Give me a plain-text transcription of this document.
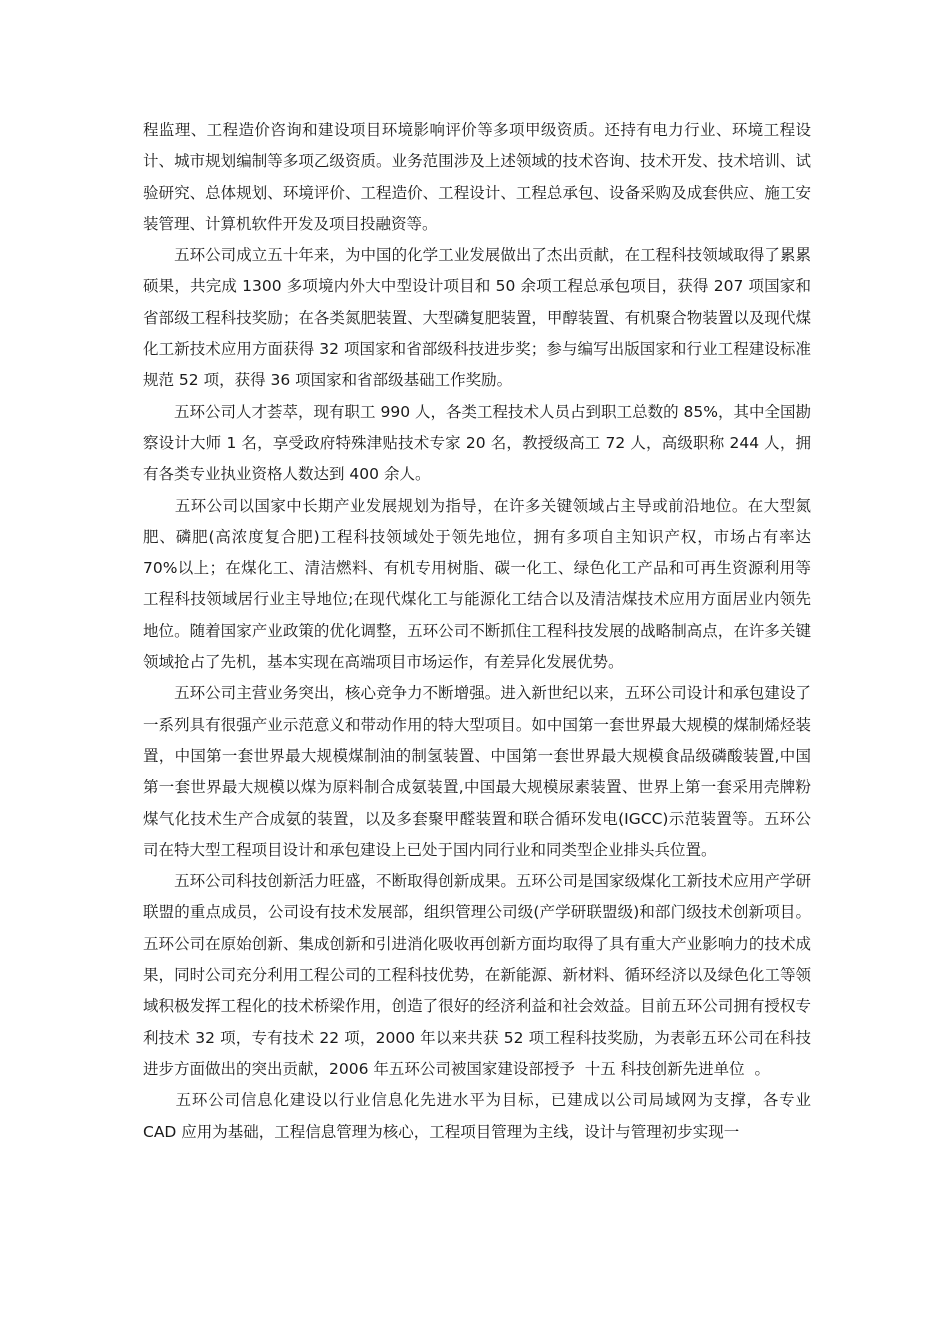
程监理、工程造价咨询和建设项目环境影响评价等多项甲级资质。还持有电力行业、环境工程设计、城市规划编制等多项乙级资质。业务范围涉及上述领域的技术咨询、技术开发、技术培训、试验研究、总体规划、环境评价、工程造价、工程设计、工程总承包、设备采购及成套供应、施工安装管理、计算机软件开发及项目投融资等。

　　五环公司成立五十年来，为中国的化学工业发展做出了杰出贡献，在工程科技领域取得了累累硕果，共完成 1300 多项境内外大中型设计项目和 50 余项工程总承包项目，获得 207 项国家和省部级工程科技奖励；在各类氮肥装置、大型磷复肥装置，甲醇装置、有机聚合物装置以及现代煤化工新技术应用方面获得 32 项国家和省部级科技进步奖；参与编写出版国家和行业工程建设标准规范 52 项，获得 36 项国家和省部级基础工作奖励。

　　五环公司人才荟萃，现有职工 990 人，各类工程技术人员占到职工总数的 85%，其中全国勘察设计大师 1 名，享受政府特殊津贴技术专家 20 名，教授级高工 72 人，高级职称 244 人，拥有各类专业执业资格人数达到 400 余人。

　　五环公司以国家中长期产业发展规划为指导，在许多关键领域占主导或前沿地位。在大型氮肥、磷肥(高浓度复合肥)工程科技领域处于领先地位，拥有多项自主知识产权，市场占有率达 70%以上；在煤化工、清洁燃料、有机专用树脂、碳一化工、绿色化工产品和可再生资源利用等工程科技领域居行业主导地位;在现代煤化工与能源化工结合以及清洁煤技术应用方面居业内领先地位。随着国家产业政策的优化调整，五环公司不断抓住工程科技发展的战略制高点，在许多关键领域抢占了先机，基本实现在高端项目市场运作，有差异化发展优势。

　　五环公司主营业务突出，核心竞争力不断增强。进入新世纪以来，五环公司设计和承包建设了一系列具有很强产业示范意义和带动作用的特大型项目。如中国第一套世界最大规模的煤制烯烃装置，中国第一套世界最大规模煤制油的制氢装置、中国第一套世界最大规模食品级磷酸装置,中国第一套世界最大规模以煤为原料制合成氨装置,中国最大规模尿素装置、世界上第一套采用壳牌粉煤气化技术生产合成氨的装置，以及多套聚甲醛装置和联合循环发电(IGCC)示范装置等。五环公司在特大型工程项目设计和承包建设上已处于国内同行业和同类型企业排头兵位置。

　　五环公司科技创新活力旺盛，不断取得创新成果。五环公司是国家级煤化工新技术应用产学研联盟的重点成员，公司设有技术发展部，组织管理公司级(产学研联盟级)和部门级技术创新项目。五环公司在原始创新、集成创新和引进消化吸收再创新方面均取得了具有重大产业影响力的技术成果，同时公司充分利用工程公司的工程科技优势，在新能源、新材料、循环经济以及绿色化工等领域积极发挥工程化的技术桥梁作用，创造了很好的经济利益和社会效益。目前五环公司拥有授权专利技术 32 项，专有技术 22 项，2000 年以来共获 52 项工程科技奖励，为表彰五环公司在科技进步方面做出的突出贡献，2006 年五环公司被国家建设部授予  十五 科技创新先进单位  。

　　五环公司信息化建设以行业信息化先进水平为目标，已建成以公司局域网为支撑，各专业 CAD 应用为基础，工程信息管理为核心，工程项目管理为主线，设计与管理初步实现一
